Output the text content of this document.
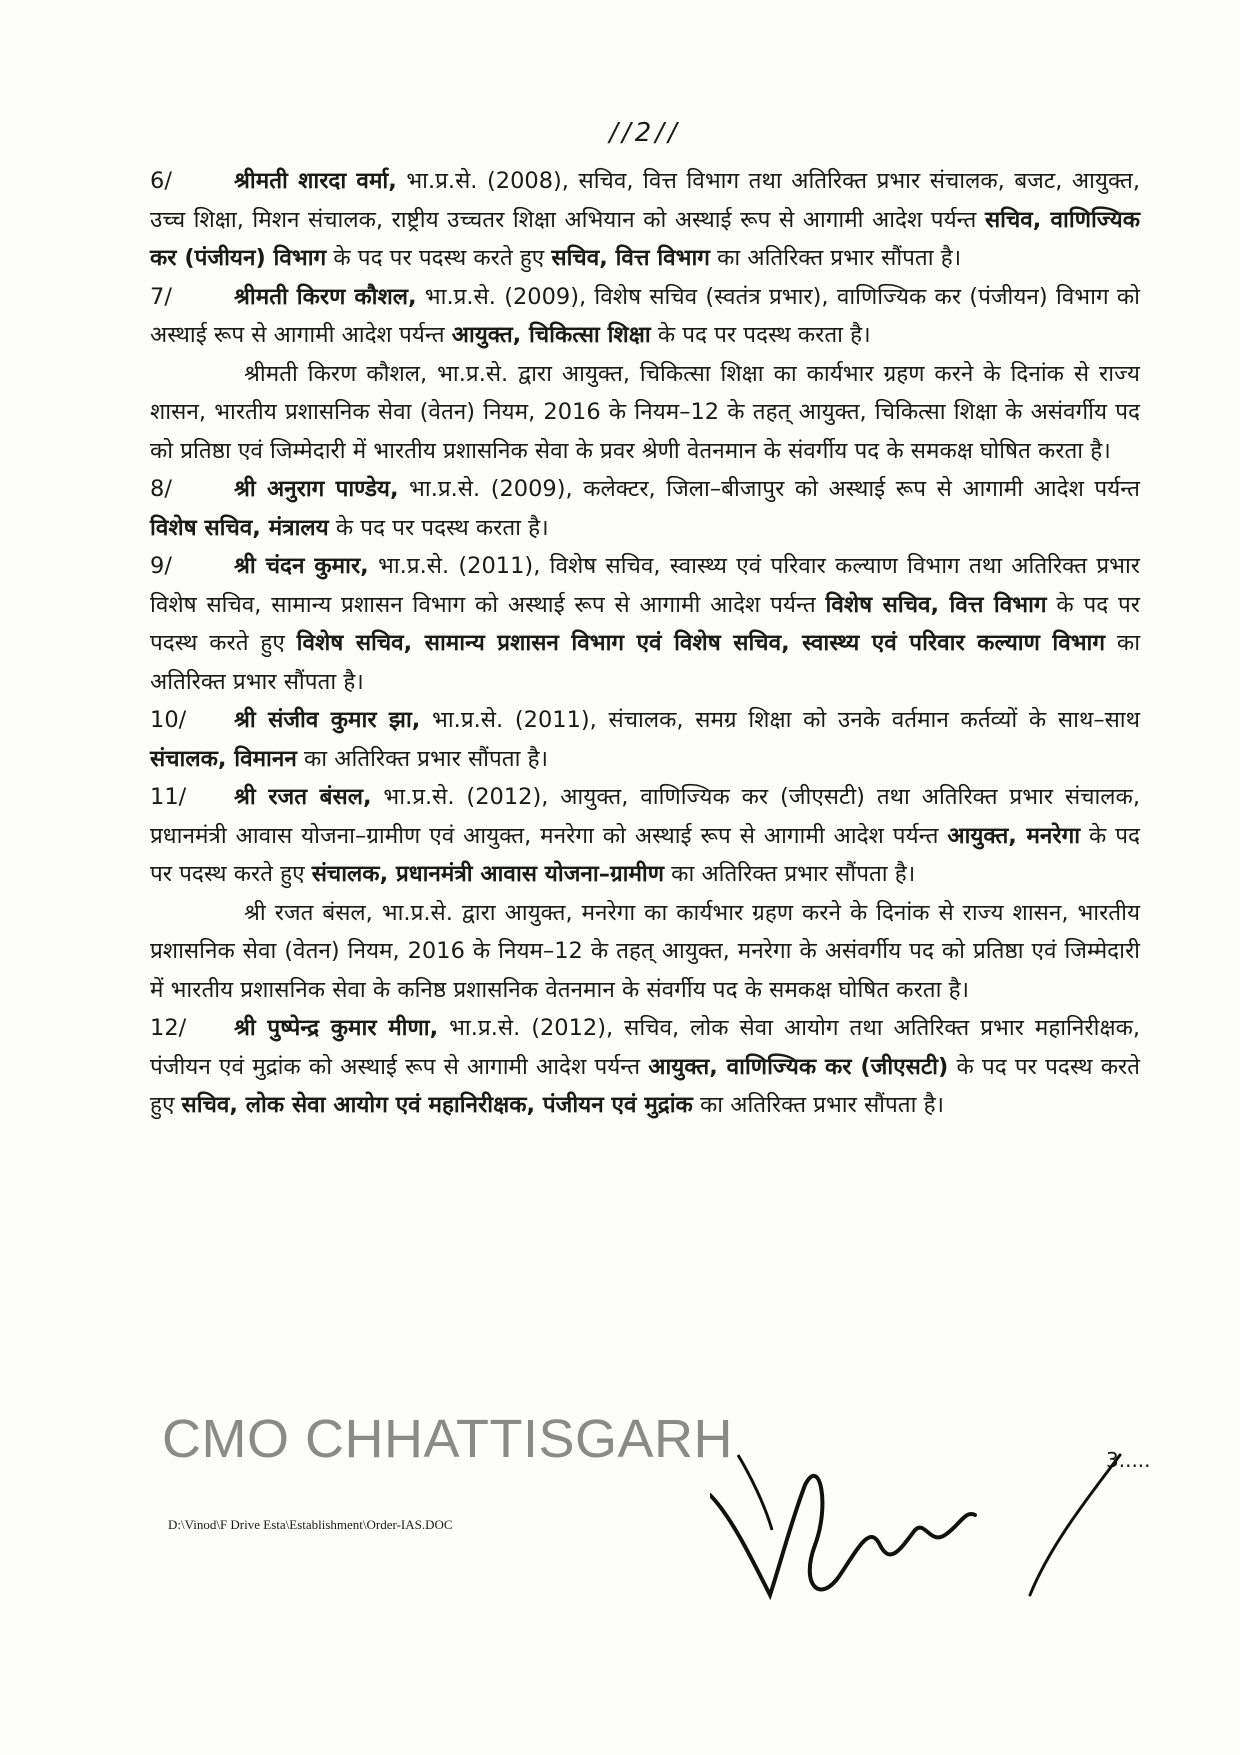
//2//

6/	श्रीमती शारदा वर्मा, भा.प्र.से. (2008), सचिव, वित्त विभाग तथा अतिरिक्त प्रभार संचालक, बजट, आयुक्त, उच्च शिक्षा, मिशन संचालक, राष्ट्रीय उच्चतर शिक्षा अभियान को अस्थाई रूप से आगामी आदेश पर्यन्त सचिव, वाणिज्यिक कर (पंजीयन) विभाग के पद पर पदस्थ करते हुए सचिव, वित्त विभाग का अतिरिक्त प्रभार सौंपता है।

7/	श्रीमती किरण कौशल, भा.प्र.से. (2009), विशेष सचिव (स्वतंत्र प्रभार), वाणिज्यिक कर (पंजीयन) विभाग को अस्थाई रूप से आगामी आदेश पर्यन्त आयुक्त, चिकित्सा शिक्षा के पद पर पदस्थ करता है।

श्रीमती किरण कौशल, भा.प्र.से. द्वारा आयुक्त, चिकित्सा शिक्षा का कार्यभार ग्रहण करने के दिनांक से राज्य शासन, भारतीय प्रशासनिक सेवा (वेतन) नियम, 2016 के नियम–12 के तहत् आयुक्त, चिकित्सा शिक्षा के असंवर्गीय पद को प्रतिष्ठा एवं जिम्मेदारी में भारतीय प्रशासनिक सेवा के प्रवर श्रेणी वेतनमान के संवर्गीय पद के समकक्ष घोषित करता है।

8/	श्री अनुराग पाण्डेय, भा.प्र.से. (2009), कलेक्टर, जिला–बीजापुर को अस्थाई रूप से आगामी आदेश पर्यन्त विशेष सचिव, मंत्रालय के पद पर पदस्थ करता है।

9/	श्री चंदन कुमार, भा.प्र.से. (2011), विशेष सचिव, स्वास्थ्य एवं परिवार कल्याण विभाग तथा अतिरिक्त प्रभार विशेष सचिव, सामान्य प्रशासन विभाग को अस्थाई रूप से आगामी आदेश पर्यन्त विशेष सचिव, वित्त विभाग के पद पर पदस्थ करते हुए विशेष सचिव, सामान्य प्रशासन विभाग एवं विशेष सचिव, स्वास्थ्य एवं परिवार कल्याण विभाग का अतिरिक्त प्रभार सौंपता है।

10/ श्री संजीव कुमार झा, भा.प्र.से. (2011), संचालक, समग्र शिक्षा को उनके वर्तमान कर्तव्यों के साथ–साथ संचालक, विमानन का अतिरिक्त प्रभार सौंपता है।

11/ श्री रजत बंसल, भा.प्र.से. (2012), आयुक्त, वाणिज्यिक कर (जीएसटी) तथा अतिरिक्त प्रभार संचालक, प्रधानमंत्री आवास योजना–ग्रामीण एवं आयुक्त, मनरेगा को अस्थाई रूप से आगामी आदेश पर्यन्त आयुक्त, मनरेगा के पद पर पदस्थ करते हुए संचालक, प्रधानमंत्री आवास योजना–ग्रामीण का अतिरिक्त प्रभार सौंपता है।

श्री रजत बंसल, भा.प्र.से. द्वारा आयुक्त, मनरेगा का कार्यभार ग्रहण करने के दिनांक से राज्य शासन, भारतीय प्रशासनिक सेवा (वेतन) नियम, 2016 के नियम–12 के तहत् आयुक्त, मनरेगा के असंवर्गीय पद को प्रतिष्ठा एवं जिम्मेदारी में भारतीय प्रशासनिक सेवा के कनिष्ठ प्रशासनिक वेतनमान के संवर्गीय पद के समकक्ष घोषित करता है।

12/ श्री पुष्पेन्द्र कुमार मीणा, भा.प्र.से. (2012), सचिव, लोक सेवा आयोग तथा अतिरिक्त प्रभार महानिरीक्षक, पंजीयन एवं मुद्रांक को अस्थाई रूप से आगामी आदेश पर्यन्त आयुक्त, वाणिज्यिक कर (जीएसटी) के पद पर पदस्थ करते हुए सचिव, लोक सेवा आयोग एवं महानिरीक्षक, पंजीयन एवं मुद्रांक का अतिरिक्त प्रभार सौंपता है।

CMO CHHATTISGARH	3.....
D:\Vinod\F Drive Esta\Establishment\Order-IAS.DOC
